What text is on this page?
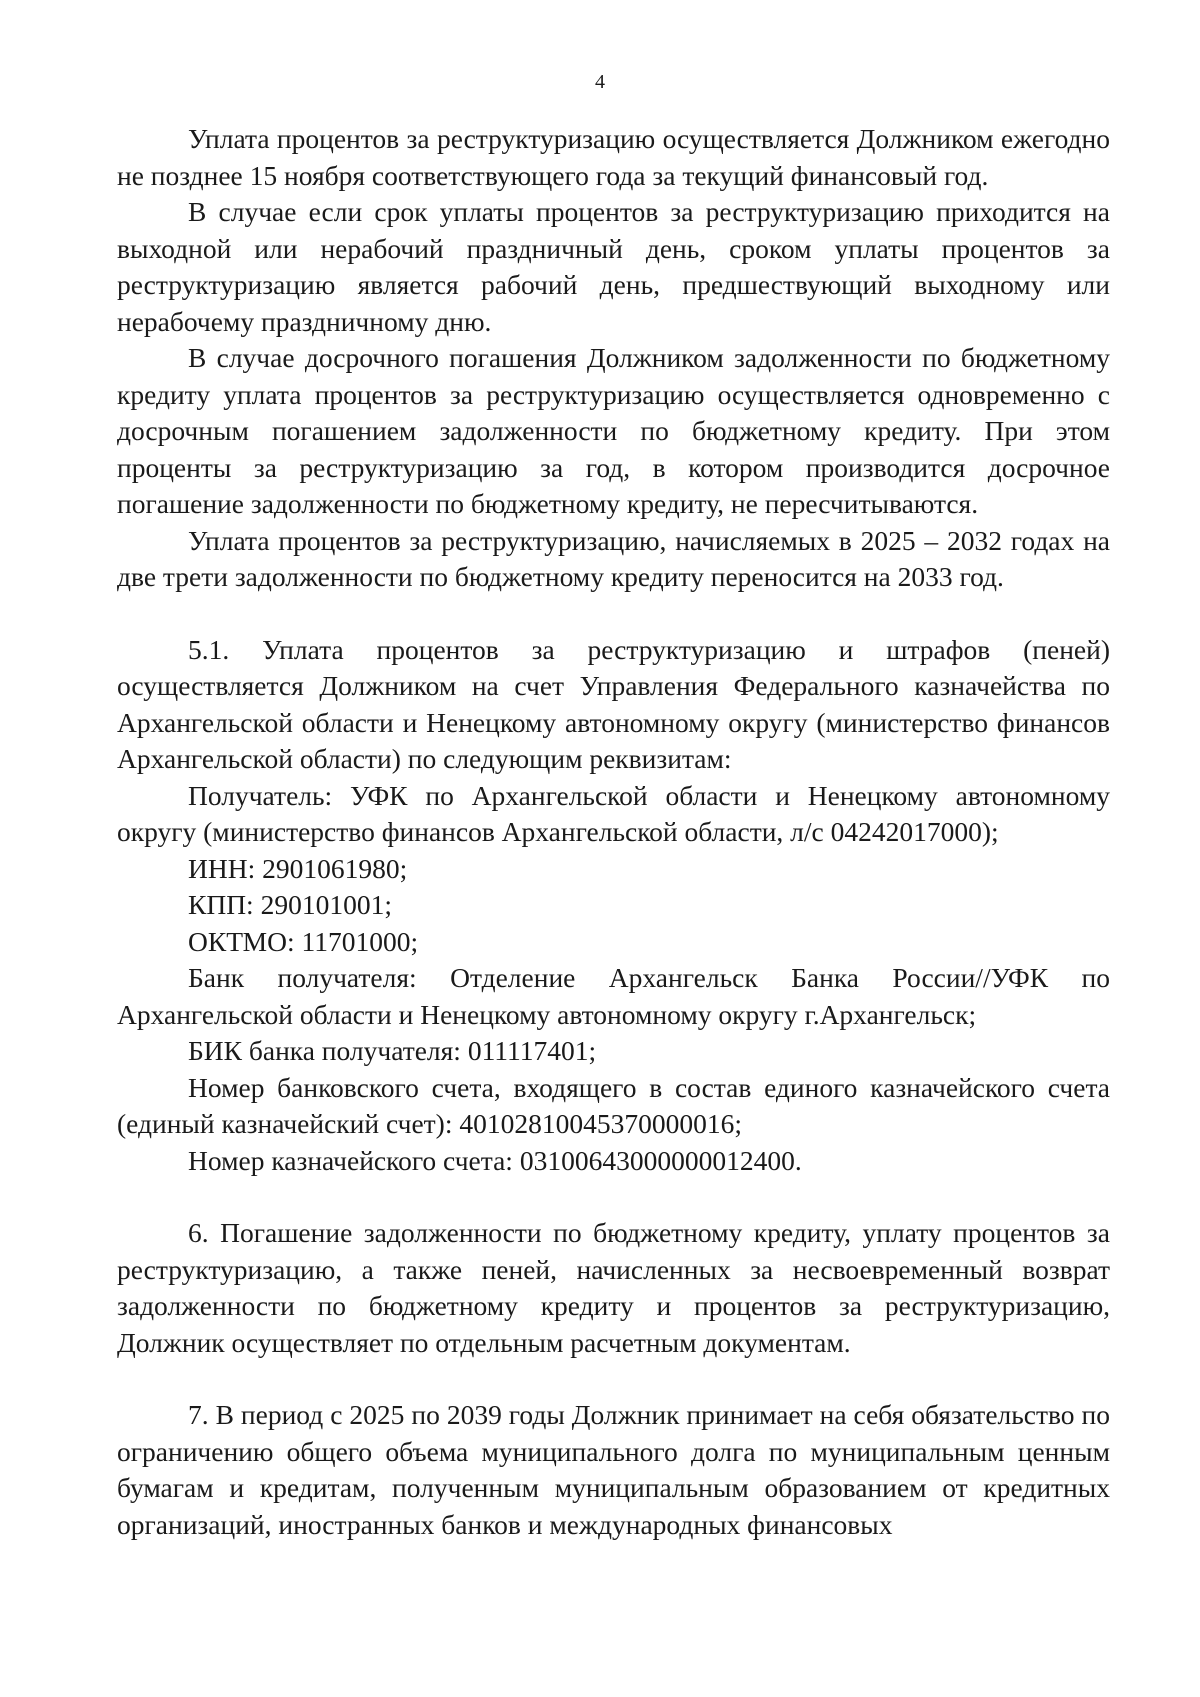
4

Уплата процентов за реструктуризацию осуществляется Должником ежегодно не позднее 15 ноября соответствующего года за текущий финансовый год.

В случае если срок уплаты процентов за реструктуризацию приходится на выходной или нерабочий праздничный день, сроком уплаты процентов за реструктуризацию является рабочий день, предшествующий выходному или нерабочему праздничному дню.

В случае досрочного погашения Должником задолженности по бюджетному кредиту уплата процентов за реструктуризацию осуществляется одновременно с досрочным погашением задолженности по бюджетному кредиту. При этом проценты за реструктуризацию за год, в котором производится досрочное погашение задолженности по бюджетному кредиту, не пересчитываются.

Уплата процентов за реструктуризацию, начисляемых в 2025 – 2032 годах на две трети задолженности по бюджетному кредиту переносится на 2033 год.

5.1. Уплата процентов за реструктуризацию и штрафов (пеней) осуществляется Должником на счет Управления Федерального казначейства по Архангельской области и Ненецкому автономному округу (министерство финансов Архангельской области) по следующим реквизитам:

Получатель: УФК по Архангельской области и Ненецкому автономному округу (министерство финансов Архангельской области, л/с 04242017000);

ИНН: 2901061980;

КПП: 290101001;

ОКТМО: 11701000;

Банк получателя: Отделение Архангельск Банка России//УФК по Архангельской области и Ненецкому автономному округу г.Архангельск;

БИК банка получателя: 011117401;

Номер банковского счета, входящего в состав единого казначейского счета (единый казначейский счет): 40102810045370000016;

Номер казначейского счета: 03100643000000012400.

6. Погашение задолженности по бюджетному кредиту, уплату процентов за реструктуризацию, а также пеней, начисленных за несвоевременный возврат задолженности по бюджетному кредиту и процентов за реструктуризацию, Должник осуществляет по отдельным расчетным документам.

7. В период с 2025 по 2039 годы Должник принимает на себя обязательство по ограничению общего объема муниципального долга по муниципальным ценным бумагам и кредитам, полученным муниципальным образованием от кредитных организаций, иностранных банков и международных финансовых
